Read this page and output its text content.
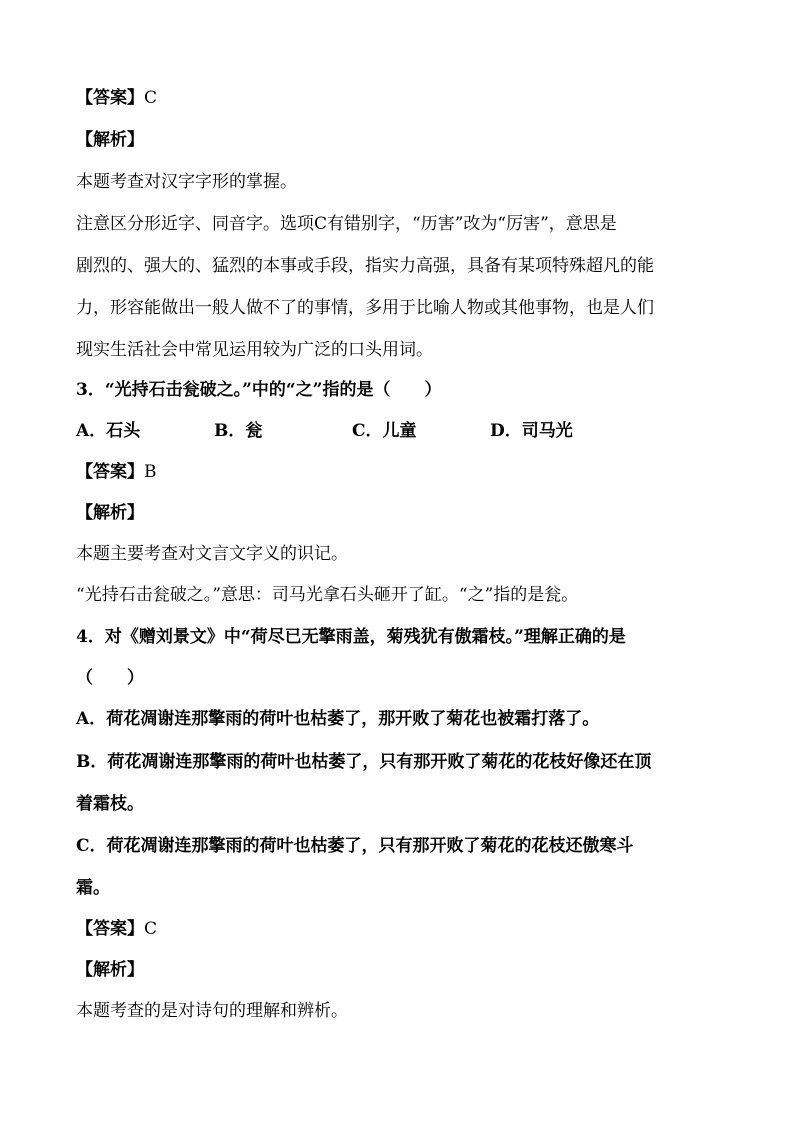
【答案】C
【解析】
本题考查对汉字字形的掌握。
注意区分形近字、同音字。选项C有错别字，“历害”改为“厉害”，意思是
剧烈的、强大的、猛烈的本事或手段，指实力高强，具备有某项特殊超凡的能
力，形容能做出一般人做不了的事情，多用于比喻人物或其他事物，也是人们
现实生活社会中常见运用较为广泛的口头用词。
3．“光持石击瓮破之。”中的“之”指的是（　　）
A．石头	B．瓮	C．儿童	D．司马光
【答案】B
【解析】
本题主要考查对文言文字义的识记。
“光持石击瓮破之。”意思：司马光拿石头砸开了缸。“之”指的是瓮。
4．对《赠刘景文》中“荷尽已无擎雨盖，菊残犹有傲霜枝。”理解正确的是
（　　）
A．荷花凋谢连那擎雨的荷叶也枯萎了，那开败了菊花也被霜打落了。
B．荷花凋谢连那擎雨的荷叶也枯萎了，只有那开败了菊花的花枝好像还在顶
着霜枝。
C．荷花凋谢连那擎雨的荷叶也枯萎了，只有那开败了菊花的花枝还傲寒斗
霜。
【答案】C
【解析】
本题考查的是对诗句的理解和辨析。
